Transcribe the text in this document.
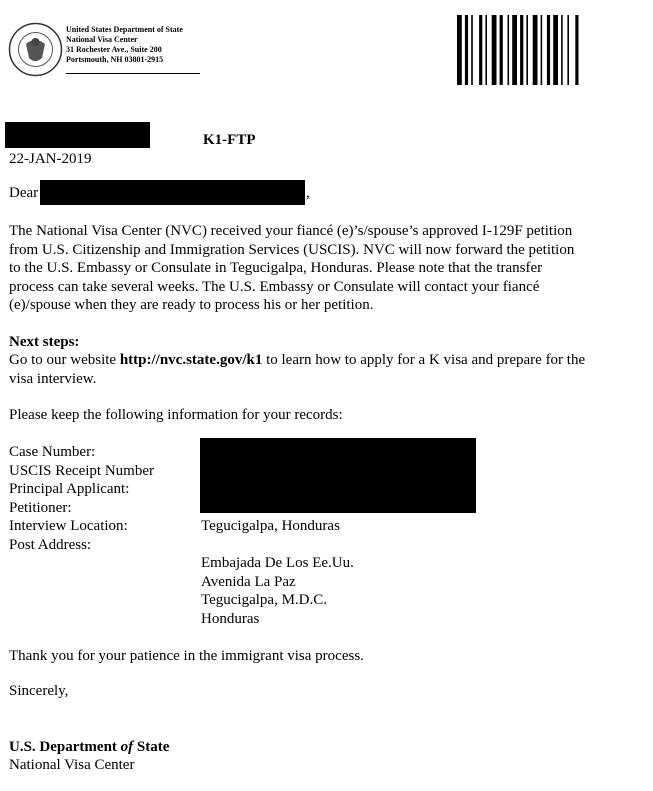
United States Department of State
National Visa Center
31 Rochester Ave., Suite 200
Portsmouth, NH 03801-2915
K1-FTP
22-JAN-2019
Dear	,
The National Visa Center (NVC) received your fiancé (e)’s/spouse’s approved I-129F petition
from U.S. Citizenship and Immigration Services (USCIS). NVC will now forward the petition
to the U.S. Embassy or Consulate in Tegucigalpa, Honduras. Please note that the transfer
process can take several weeks. The U.S. Embassy or Consulate will contact your fiancé
(e)/spouse when they are ready to process his or her petition.
Next steps:
Go to our website http://nvc.state.gov/k1 to learn how to apply for a K visa and prepare for the
visa interview.
Please keep the following information for your records:
Case Number:
USCIS Receipt Number
Principal Applicant:
Petitioner:
Interview Location:
Post Address:
Tegucigalpa, Honduras
Embajada De Los Ee.Uu.
Avenida La Paz
Tegucigalpa, M.D.C.
Honduras
Thank you for your patience in the immigrant visa process.
Sincerely,
U.S. Department of State
National Visa Center
